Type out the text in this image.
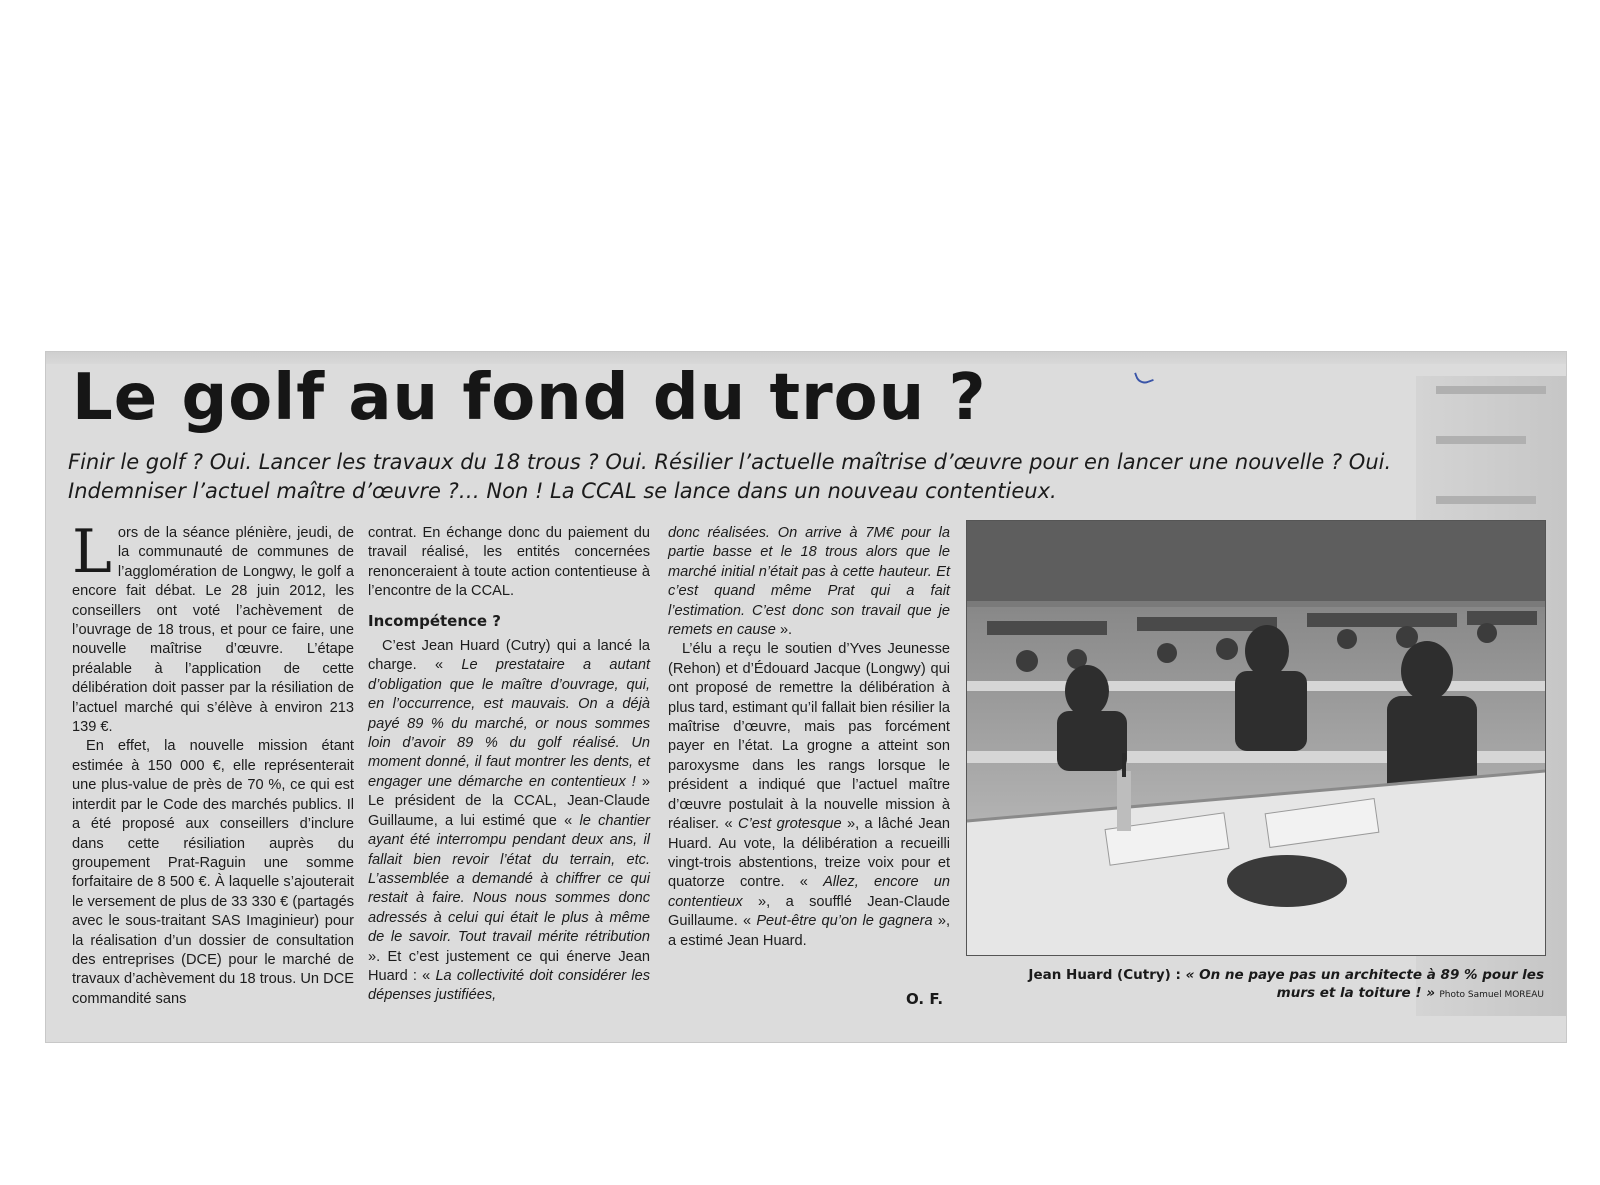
Le golf au fond du trou ?

Finir le golf ? Oui. Lancer les travaux du 18 trous ? Oui. Résilier l’actuelle maîtrise d’œuvre pour en lancer une nouvelle ? Oui. Indemniser l’actuel maître d’œuvre ?… Non ! La CCAL se lance dans un nouveau contentieux.

Lors de la séance plénière, jeudi, de la communauté de communes de l’agglomération de Longwy, le golf a encore fait débat. Le 28 juin 2012, les conseillers ont voté l’achèvement de l’ouvrage de 18 trous, et pour ce faire, une nouvelle maîtrise d’œuvre. L’étape préalable à l’application de cette délibération doit passer par la résiliation de l’actuel marché qui s’élève à environ 213 139 €.

En effet, la nouvelle mission étant estimée à 150 000 €, elle représenterait une plus-value de près de 70 %, ce qui est interdit par le Code des marchés publics. Il a été proposé aux conseillers d’inclure dans cette résiliation auprès du groupement Prat-Raguin une somme forfaitaire de 8 500 €. À laquelle s’ajouterait le versement de plus de 33 330 € (partagés avec le sous-traitant SAS Imaginieur) pour la réalisation d’un dossier de consultation des entreprises (DCE) pour le marché de travaux d’achèvement du 18 trous. Un DCE commandité sans

contrat. En échange donc du paiement du travail réalisé, les entités concernées renonceraient à toute action contentieuse à l’encontre de la CCAL.

Incompétence ?

C’est Jean Huard (Cutry) qui a lancé la charge. « Le prestataire a autant d’obligation que le maître d’ouvrage, qui, en l’occurrence, est mauvais. On a déjà payé 89 % du marché, or nous sommes loin d’avoir 89 % du golf réalisé. Un moment donné, il faut montrer les dents, et engager une démarche en contentieux ! » Le président de la CCAL, Jean-Claude Guillaume, a lui estimé que « le chantier ayant été interrompu pendant deux ans, il fallait bien revoir l’état du terrain, etc. L’assemblée a demandé à chiffrer ce qui restait à faire. Nous nous sommes donc adressés à celui qui était le plus à même de le savoir. Tout travail mérite rétribution ». Et c’est justement ce qui énerve Jean Huard : « La collectivité doit considérer les dépenses justifiées,

donc réalisées. On arrive à 7M€ pour la partie basse et le 18 trous alors que le marché initial n’était pas à cette hauteur. Et c’est quand même Prat qui a fait l’estimation. C’est donc son travail que je remets en cause ».

L’élu a reçu le soutien d’Yves Jeunesse (Rehon) et d’Édouard Jacque (Longwy) qui ont proposé de remettre la délibération à plus tard, estimant qu’il fallait bien résilier la maîtrise d’œuvre, mais pas forcément payer en l’état. La grogne a atteint son paroxysme dans les rangs lorsque le président a indiqué que l’actuel maître d’œuvre postulait à la nouvelle mission à réaliser. « C’est grotesque », a lâché Jean Huard. Au vote, la délibération a recueilli vingt-trois abstentions, treize voix pour et quatorze contre. « Allez, encore un contentieux », a soufflé Jean-Claude Guillaume. « Peut-être qu’on le gagnera », a estimé Jean Huard.

O. F.
Jean Huard (Cutry) : « On ne paye pas un architecte à 89 % pour les murs et la toiture ! » Photo Samuel MOREAU
